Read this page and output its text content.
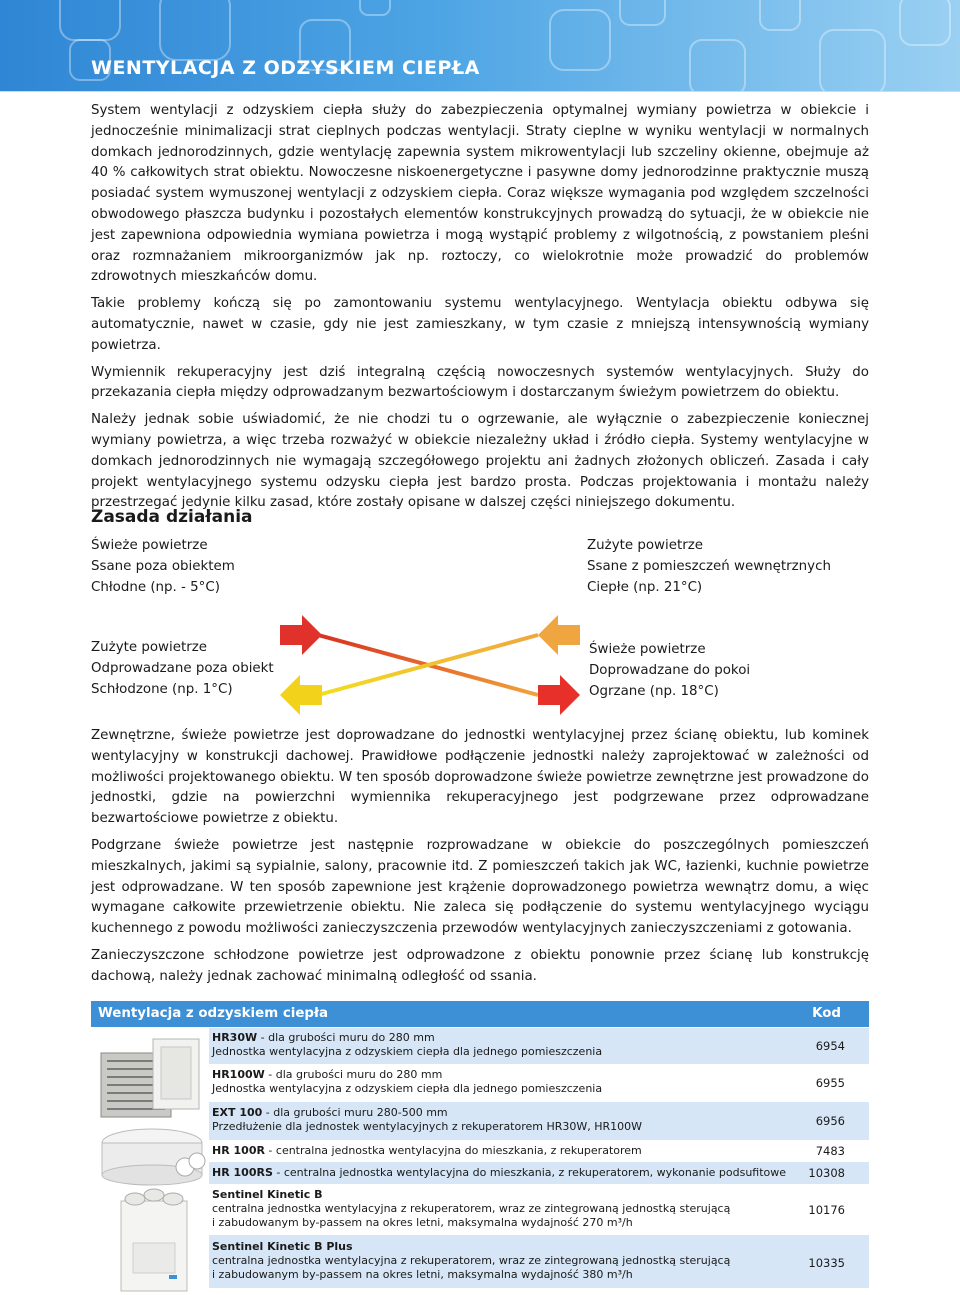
WENTYLACJA Z ODZYSKIEM CIEPŁA

System wentylacji z odzyskiem ciepła służy do zabezpieczenia optymalnej wymiany powietrza w obiekcie i jednocześnie minimalizacji strat cieplnych podczas wentylacji. Straty cieplne w wyniku wentylacji w normalnych domkach jednorodzinnych, gdzie wentylację zapewnia system mikrowentylacji lub szczeliny okienne, obejmuje aż 40 % całkowitych strat obiektu. Nowoczesne niskoenergetyczne i pasywne domy jednorodzinne praktycznie muszą posiadać system wymuszonej wentylacji z odzyskiem ciepła. Coraz większe wymagania pod względem szczelności obwodowego płaszcza budynku i pozostałych elementów konstrukcyjnych prowadzą do sytuacji, że w obiekcie nie jest zapewniona odpowiednia wymiana powietrza i mogą wystąpić problemy z wilgotnością, z powstaniem pleśni oraz rozmnażaniem mikroorganizmów jak np. roztoczy, co wielokrotnie może prowadzić do problemów zdrowotnych mieszkańców domu.

Takie problemy kończą się po zamontowaniu systemu wentylacyjnego. Wentylacja obiektu odbywa się automatycznie, nawet w czasie, gdy nie jest zamieszkany, w tym czasie z mniejszą intensywnością wymiany powietrza.

Wymiennik rekuperacyjny jest dziś integralną częścią nowoczesnych systemów wentylacyjnych. Służy do przekazania ciepła między odprowadzanym bezwartościowym i dostarczanym świeżym powietrzem do obiektu.

Należy jednak sobie uświadomić, że nie chodzi tu o ogrzewanie, ale wyłącznie o zabezpieczenie koniecznej wymiany powietrza, a więc trzeba rozważyć w obiekcie niezależny układ i źródło ciepła. Systemy wentylacyjne w domkach jednorodzinnych nie wymagają szczegółowego projektu ani żadnych złożonych obliczeń. Zasada i cały projekt wentylacyjnego systemu odzysku ciepła jest bardzo prosta. Podczas projektowania i montażu należy przestrzegać jedynie kilku zasad, które zostały opisane w dalszej części niniejszego dokumentu.

Zasada działania
Świeże powietrze
Ssane poza obiektem
Chłodne (np. - 5°C)
Zużyte powietrze
Ssane z pomieszczeń wewnętrznych
Ciepłe (np. 21°C)
Zużyte powietrze
Odprowadzane poza obiekt
Schłodzone (np. 1°C)
Świeże powietrze
Doprowadzane do pokoi
Ogrzane (np. 18°C)

Zewnętrzne, świeże powietrze jest doprowadzane do jednostki wentylacyjnej przez ścianę obiektu, lub kominek wentylacyjny w konstrukcji dachowej. Prawidłowe podłączenie jednostki należy zaprojektować w zależności od możliwości projektowanego obiektu. W ten sposób doprowadzone świeże powietrze zewnętrzne jest prowadzone do jednostki, gdzie na powierzchni wymiennika rekuperacyjnego jest podgrzewane przez odprowadzane bezwartościowe powietrze z obiektu.

Podgrzane świeże powietrze jest następnie rozprowadzane w obiekcie do poszczególnych pomieszczeń mieszkalnych, jakimi są sypialnie, salony, pracownie itd. Z pomieszczeń takich jak WC, łazienki, kuchnie powietrze jest odprowadzane. W ten sposób zapewnione jest krążenie doprowadzonego powietrza wewnątrz domu, a więc wymagane całkowite przewietrzenie obiektu. Nie zaleca się podłączenie do systemu wentylacyjnego wyciągu kuchennego z powodu możliwości zanieczyszczenia przewodów wentylacyjnych zanieczyszczeniami z gotowania.

Zanieczyszczone schłodzone powietrze jest odprowadzone z obiektu ponownie przez ścianę lub konstrukcję dachową, należy jednak zachować minimalną odległość od ssania.

Wentylacja z odzyskiem ciepła	Kod
HR30W - dla grubości muru do 280 mm
Jednostka wentylacyjna z odzyskiem ciepła dla jednego pomieszczenia	6954
HR100W - dla grubości muru do 280 mm
Jednostka wentylacyjna z odzyskiem ciepła dla jednego pomieszczenia	6955
EXT 100 - dla grubości muru 280-500 mm
Przedłużenie dla jednostek wentylacyjnych z rekuperatorem HR30W, HR100W	6956
HR 100R - centralna jednostka wentylacyjna do mieszkania, z rekuperatorem	7483
HR 100RS - centralna jednostka wentylacyjna do mieszkania, z rekuperatorem, wykonanie podsufitowe 10308
Sentinel Kinetic B
centralna jednostka wentylacyjna z rekuperatorem, wraz ze zintegrowaną jednostką sterującą
i zabudowanym by-passem na okres letni, maksymalna wydajność 270 m³/h
10176
Sentinel Kinetic B Plus
centralna jednostka wentylacyjna z rekuperatorem, wraz ze zintegrowaną jednostką sterującą
i zabudowanym by-passem na okres letni, maksymalna wydajność 380 m³/h
10335
